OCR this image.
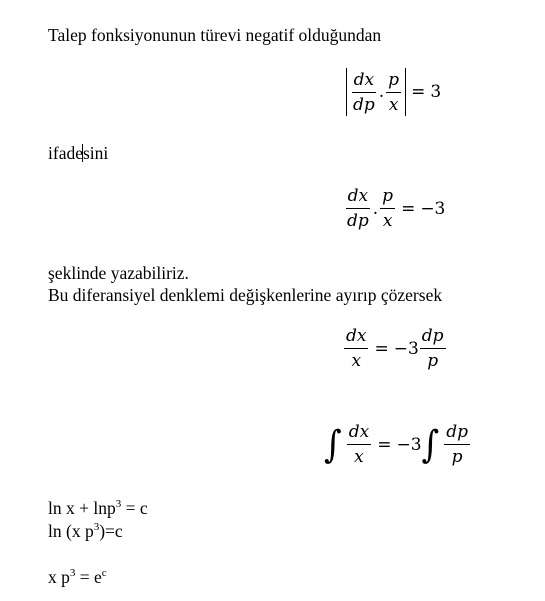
Talep fonksiyonunun türevi negatif olduğundan
$\frac{dx}{dp}$ . $\frac{p}{x} = 3$
ifadesini
$\frac{dx}{dp}$ . $\frac{p}{x} = -3$
şeklinde yazabiliriz.
Bu diferansiyel denklemi değişkenlerine ayırıp çözersek
$\frac{dx}{x} = -3 \frac{dp}{p}$
∫ $\frac{dx}{x} = -3$ ∫ $\frac{dp}{p}$
ln x + lnp$^3$ = c
ln (x $p^3)=c$
x $p^3 = e^c$
